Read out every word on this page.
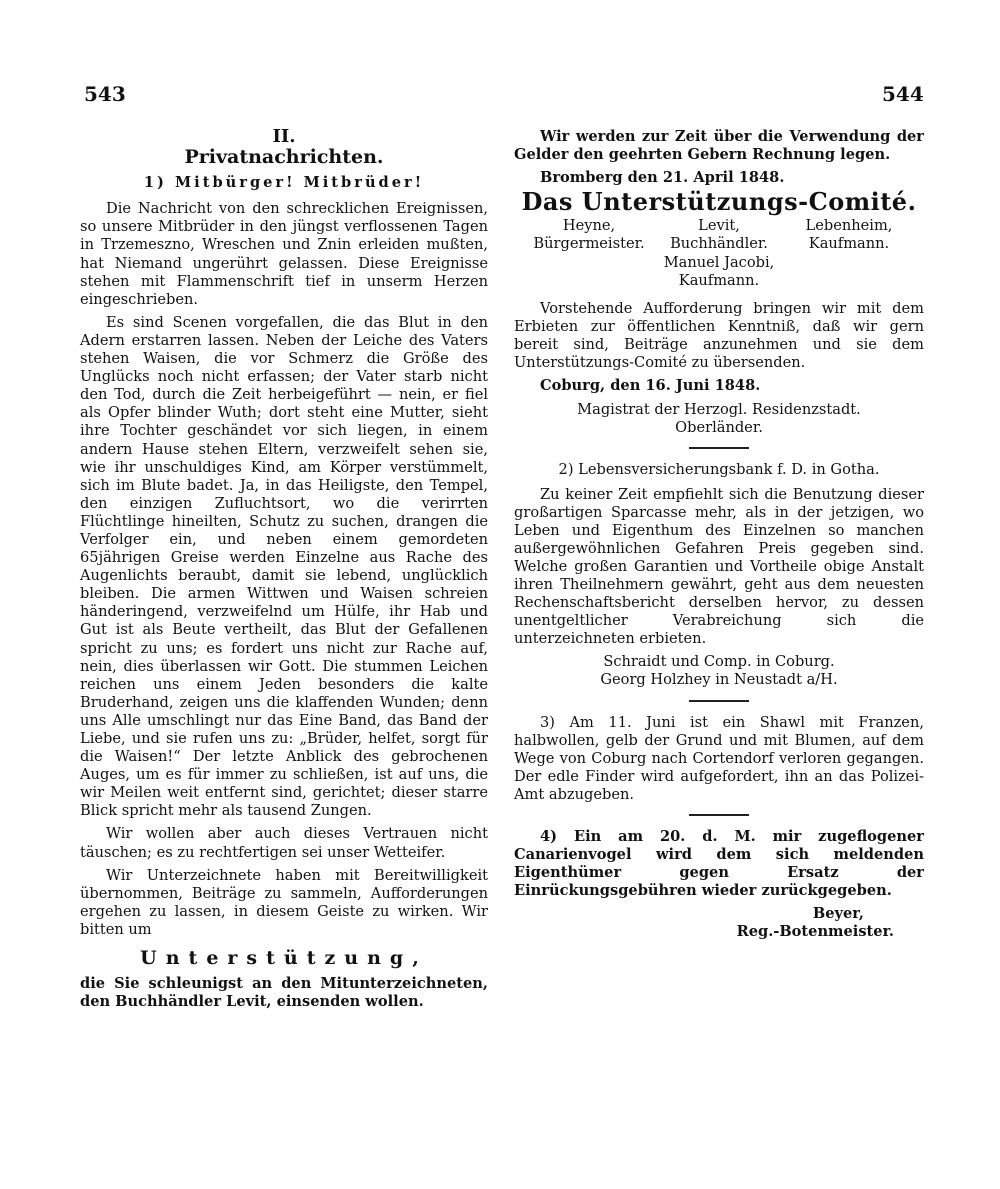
543	544
II.
Privatnachrichten.
1) Mitbürger! Mitbrüder!

Die Nachricht von den schrecklichen Ereignissen, so unsere Mitbrüder in den jüngst verflossenen Tagen in Trzemeszno, Wreschen und Znin erleiden mußten, hat Niemand ungerührt gelassen. Diese Ereignisse stehen mit Flammenschrift tief in unserm Herzen eingeschrieben.

Es sind Scenen vorgefallen, die das Blut in den Adern erstarren lassen. Neben der Leiche des Vaters stehen Waisen, die vor Schmerz die Größe des Unglücks noch nicht erfassen; der Vater starb nicht den Tod, durch die Zeit herbeigeführt — nein, er fiel als Opfer blinder Wuth; dort steht eine Mutter, sieht ihre Tochter geschändet vor sich liegen, in einem andern Hause stehen Eltern, verzweifelt sehen sie, wie ihr unschuldiges Kind, am Körper verstümmelt, sich im Blute badet. Ja, in das Heiligste, den Tempel, den einzigen Zufluchtsort, wo die verirrten Flüchtlinge hineilten, Schutz zu suchen, drangen die Verfolger ein, und neben einem gemordeten 65jährigen Greise werden Einzelne aus Rache des Augenlichts beraubt, damit sie lebend, unglücklich bleiben. Die armen Wittwen und Waisen schreien händeringend, verzweifelnd um Hülfe, ihr Hab und Gut ist als Beute vertheilt, das Blut der Gefallenen spricht zu uns; es fordert uns nicht zur Rache auf, nein, dies überlassen wir Gott. Die stummen Leichen reichen uns einem Jeden besonders die kalte Bruderhand, zeigen uns die klaffenden Wunden; denn uns Alle umschlingt nur das Eine Band, das Band der Liebe, und sie rufen uns zu: „Brüder, helfet, sorgt für die Waisen!“ Der letzte Anblick des gebrochenen Auges, um es für immer zu schließen, ist auf uns, die wir Meilen weit entfernt sind, gerichtet; dieser starre Blick spricht mehr als tausend Zungen.

Wir wollen aber auch dieses Vertrauen nicht täuschen; es zu rechtfertigen sei unser Wetteifer.

Wir Unterzeichnete haben mit Bereitwilligkeit übernommen, Beiträge zu sammeln, Aufforderungen ergehen zu lassen, in diesem Geiste zu wirken. Wir bitten um

Unterstützung,

die Sie schleunigst an den Mitunterzeichneten, den Buchhändler Levit, einsenden wollen.

Wir werden zur Zeit über die Verwendung der Gelder den geehrten Gebern Rechnung legen.

Bromberg den 21. April 1848.
Das Unterstützungs-Comité.
Heyne,	Levit,	Lebenheim,
Bürgermeister.	Buchhändler.	Kaufmann.
Manuel Jacobi,
Kaufmann.

Vorstehende Aufforderung bringen wir mit dem Erbieten zur öffentlichen Kenntniß, daß wir gern bereit sind, Beiträge anzunehmen und sie dem Unterstützungs-Comité zu übersenden.

Coburg, den 16. Juni 1848.
Magistrat der Herzogl. Residenzstadt.
Oberländer.
2) Lebensversicherungsbank f. D. in Gotha.

Zu keiner Zeit empfiehlt sich die Benutzung dieser großartigen Sparcasse mehr, als in der jetzigen, wo Leben und Eigenthum des Einzelnen so manchen außergewöhnlichen Gefahren Preis gegeben sind. Welche großen Garantien und Vortheile obige Anstalt ihren Theilnehmern gewährt, geht aus dem neuesten Rechenschaftsbericht derselben hervor, zu dessen unentgeltlicher Verabreichung sich die unterzeichneten erbieten.

Schraidt und Comp. in Coburg.
Georg Holzhey in Neustadt a/H.

3) Am 11. Juni ist ein Shawl mit Franzen, halbwollen, gelb der Grund und mit Blumen, auf dem Wege von Coburg nach Cortendorf verloren gegangen. Der edle Finder wird aufgefordert, ihn an das Polizei-Amt abzugeben.

4) Ein am 20. d. M. mir zugeflogener Canarienvogel wird dem sich meldenden Eigenthümer gegen Ersatz der Einrückungsgebühren wieder zurückgegeben.

Beyer,
Reg.-Botenmeister.
